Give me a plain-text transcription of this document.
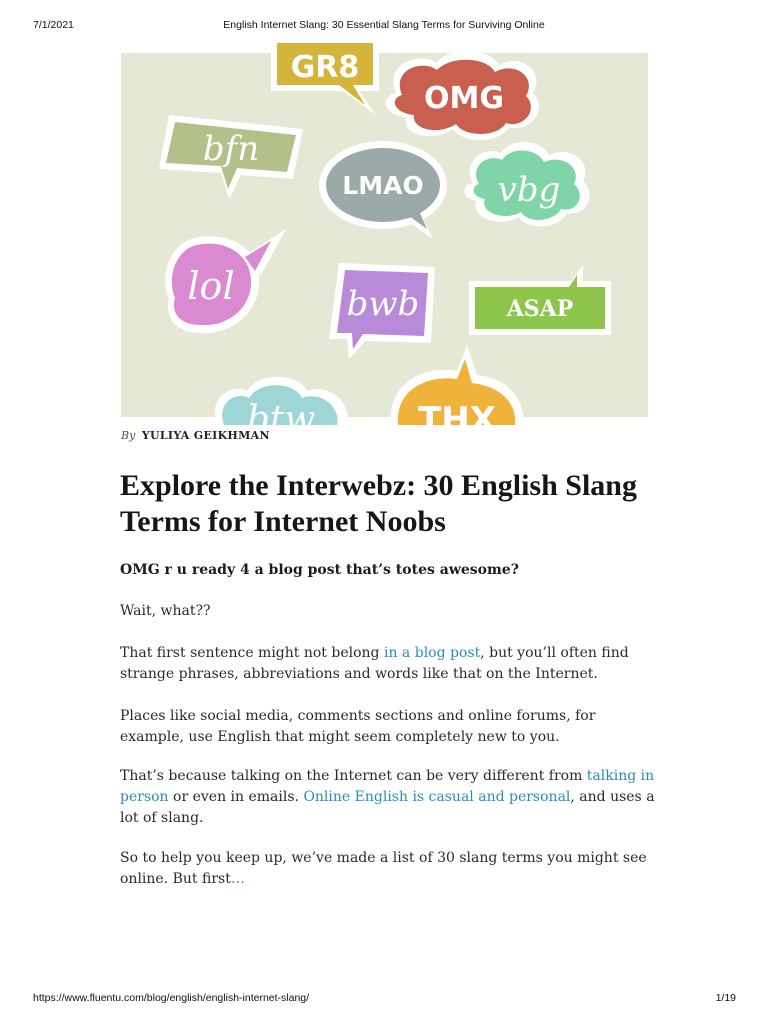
7/1/2021	English Internet Slang: 30 Essential Slang Terms for Surviving Online
GR8
OMG
bfn
LMAO vbg
lol	bwb	ASAP
btw	THX
By YULIYA GEIKHMAN
Explore the Interwebz: 30 English Slang Terms for Internet Noobs

OMG r u ready 4 a blog post that’s totes awesome?

Wait, what??

That first sentence might not belong in a blog post, but you’ll often find strange phrases, abbreviations and words like that on the Internet.

Places like social media, comments sections and online forums, for example, use English that might seem completely new to you.

That’s because talking on the Internet can be very different from talking in person or even in emails. Online English is casual and personal, and uses a lot of slang.

So to help you keep up, we’ve made a list of 30 slang terms you might see online. But first…

https://www.fluentu.com/blog/english/english-internet-slang/	1/19
